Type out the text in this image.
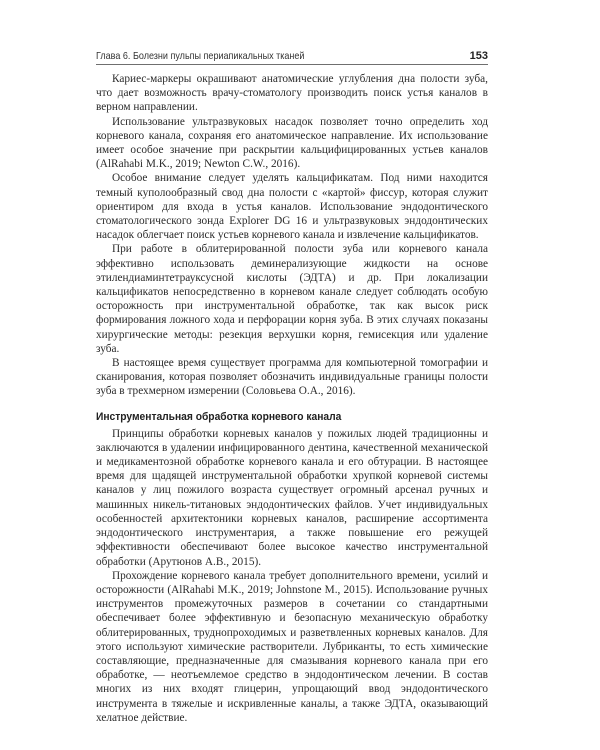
Глава 6. Болезни пульпы периапикальных тканей	153

Кариес-маркеры окрашивают анатомические углубления дна полости зуба, что дает возможность врачу-стоматологу производить поиск устья каналов в верном направлении.

Использование ультразвуковых насадок позволяет точно определить ход корневого канала, сохраняя его анатомическое направление. Их использование имеет особое значение при раскрытии кальцифицированных устьев каналов (AlRahabi M.K., 2019; Newton C.W., 2016).

Особое внимание следует уделять кальцификатам. Под ними находится темный куполообразный свод дна полости с «картой» фиссур, которая служит ориентиром для входа в устья каналов. Использование эндодонтического стоматологического зонда Explorer DG 16 и ультразвуковых эндодонтических насадок облегчает поиск устьев корневого канала и извлечение кальцификатов.

При работе в облитерированной полости зуба или корневого канала эффективно использовать деминерализующие жидкости на основе этилендиаминтетрауксусной кислоты (ЭДТА) и др. При локализации кальцификатов непосредственно в корневом канале следует соблюдать особую осторожность при инструментальной обработке, так как высок риск формирования ложного хода и перфорации корня зуба. В этих случаях показаны хирургические методы: резекция верхушки корня, гемисекция или удаление зуба.

В настоящее время существует программа для компьютерной томографии и сканирования, которая позволяет обозначить индивидуальные границы полости зуба в трехмерном измерении (Соловьева О.А., 2016).

Инструментальная обработка корневого канала

Принципы обработки корневых каналов у пожилых людей традиционны и заключаются в удалении инфицированного дентина, качественной механической и медикаментозной обработке корневого канала и его обтурации. В настоящее время для щадящей инструментальной обработки хрупкой корневой системы каналов у лиц пожилого возраста существует огромный арсенал ручных и машинных никель-титановых эндодонтических файлов. Учет индивидуальных особенностей архитектоники корневых каналов, расширение ассортимента эндодонтического инструментария, а также повышение его режущей эффективности обеспечивают более высокое качество инструментальной обработки (Арутюнов А.В., 2015).

Прохождение корневого канала требует дополнительного времени, усилий и осторожности (AlRahabi M.K., 2019; Johnstone M., 2015). Использование ручных инструментов промежуточных размеров в сочетании со стандартными обеспечивает более эффективную и безопасную механическую обработку облитерированных, труднопроходимых и разветвленных корневых каналов. Для этого используют химические растворители. Лубриканты, то есть химические составляющие, предназначенные для смазывания корневого канала при его обработке, — неотъемлемое средство в эндодонтическом лечении. В состав многих из них входят глицерин, упрощающий ввод эндодонтического инструмента в тяжелые и искривленные каналы, а также ЭДТА, оказывающий хелатное действие.
